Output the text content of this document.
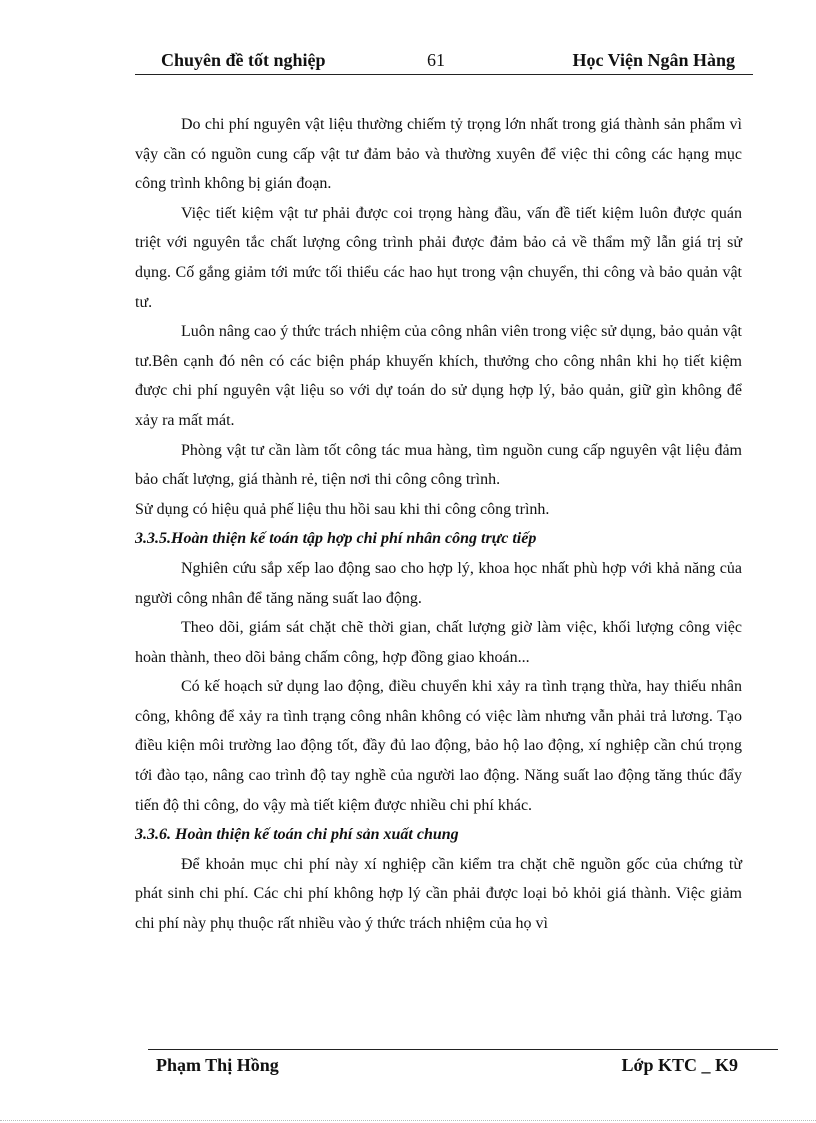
Chuyên đề tốt nghiệp	61	Học Viện Ngân Hàng

Do chi phí nguyên vật liệu thường chiếm tỷ trọng lớn nhất trong giá thành sản phẩm vì vậy cần có nguồn cung cấp vật tư đảm bảo và thường xuyên để việc thi công các hạng mục công trình không bị gián đoạn.

Việc tiết kiệm vật tư phải được coi trọng hàng đầu, vấn đề tiết kiệm luôn được quán triệt với nguyên tắc chất lượng công trình phải được đảm bảo cả về thẩm mỹ lẫn giá trị sử dụng. Cố gắng giảm tới mức tối thiểu các hao hụt trong vận chuyển, thi công và bảo quản vật tư.

Luôn nâng cao ý thức trách nhiệm của công nhân viên trong việc sử dụng, bảo quản vật tư.Bên cạnh đó nên có các biện pháp khuyến khích, thưởng cho công nhân khi họ tiết kiệm được chi phí nguyên vật liệu so với dự toán do sử dụng hợp lý, bảo quản, giữ gìn không để xảy ra mất mát.

Phòng vật tư cần làm tốt công tác mua hàng, tìm nguồn cung cấp nguyên vật liệu đảm bảo chất lượng, giá thành rẻ, tiện nơi thi công công trình.

Sử dụng có hiệu quả phế liệu thu hồi sau khi thi công công trình.

3.3.5.Hoàn thiện kế toán tập hợp chi phí nhân công trực tiếp

Nghiên cứu sắp xếp lao động sao cho hợp lý, khoa học nhất phù hợp với khả năng của người công nhân để tăng năng suất lao động.

Theo dõi, giám sát chặt chẽ thời gian, chất lượng giờ làm việc, khối lượng công việc hoàn thành, theo dõi bảng chấm công, hợp đồng giao khoán...

Có kế hoạch sử dụng lao động, điều chuyển khi xảy ra tình trạng thừa, hay thiếu nhân công, không để xảy ra tình trạng công nhân không có việc làm nhưng vẫn phải trả lương. Tạo điều kiện môi trường lao động tốt, đầy đủ lao động, bảo hộ lao động, xí nghiệp cần chú trọng tới đào tạo, nâng cao trình độ tay nghề của người lao động. Năng suất lao động tăng thúc đẩy tiến độ thi công, do vậy mà tiết kiệm được nhiều chi phí khác.

3.3.6. Hoàn thiện kế toán chi phí sản xuất chung

Để khoản mục chi phí này xí nghiệp cần kiểm tra chặt chẽ nguồn gốc của chứng từ phát sinh chi phí. Các chi phí không hợp lý cần phải được loại bỏ khỏi giá thành. Việc giảm chi phí này phụ thuộc rất nhiều vào ý thức trách nhiệm của họ vì

Phạm Thị Hồng	Lớp KTC _ K9
